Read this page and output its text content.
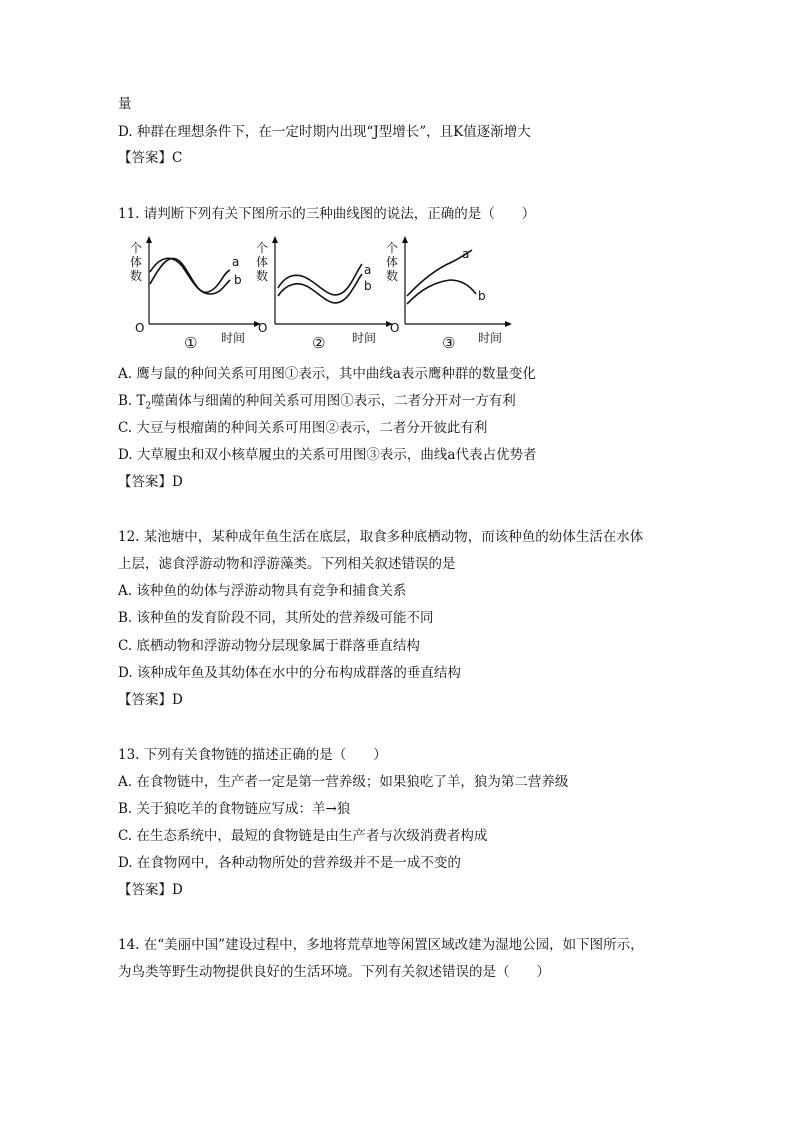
量
D. 种群在理想条件下，在一定时期内出现“J型增长”，且K值逐渐增大
【答案】C
11. 请判断下列有关下图所示的三种曲线图的说法，正确的是（　　）
个
体
数
O
时间
①
a
b
个
体
数
O
时间
②
a
b
个
体
数
O
时间
③
a
b
A. 鹰与鼠的种间关系可用图①表示，其中曲线a表示鹰种群的数量变化
B. $T_2$噬菌体与细菌的种间关系可用图①表示，二者分开对一方有利
C. 大豆与根瘤菌的种间关系可用图②表示，二者分开彼此有利
D. 大草履虫和双小核草履虫的关系可用图③表示，曲线a代表占优势者
【答案】D
12. 某池塘中，某种成年鱼生活在底层，取食多种底栖动物，而该种鱼的幼体生活在水体
上层，滤食浮游动物和浮游藻类。下列相关叙述错误的是
A. 该种鱼的幼体与浮游动物具有竞争和捕食关系
B. 该种鱼的发育阶段不同，其所处的营养级可能不同
C. 底栖动物和浮游动物分层现象属于群落垂直结构
D. 该种成年鱼及其幼体在水中的分布构成群落的垂直结构
【答案】D
13. 下列有关食物链的描述正确的是（　　）
A. 在食物链中，生产者一定是第一营养级；如果狼吃了羊，狼为第二营养级
B. 关于狼吃羊的食物链应写成：羊→狼
C. 在生态系统中，最短的食物链是由生产者与次级消费者构成
D. 在食物网中，各种动物所处的营养级并不是一成不变的
【答案】D
14. 在“美丽中国”建设过程中，多地将荒草地等闲置区域改建为湿地公园，如下图所示，
为鸟类等野生动物提供良好的生活环境。下列有关叙述错误的是（　　）
